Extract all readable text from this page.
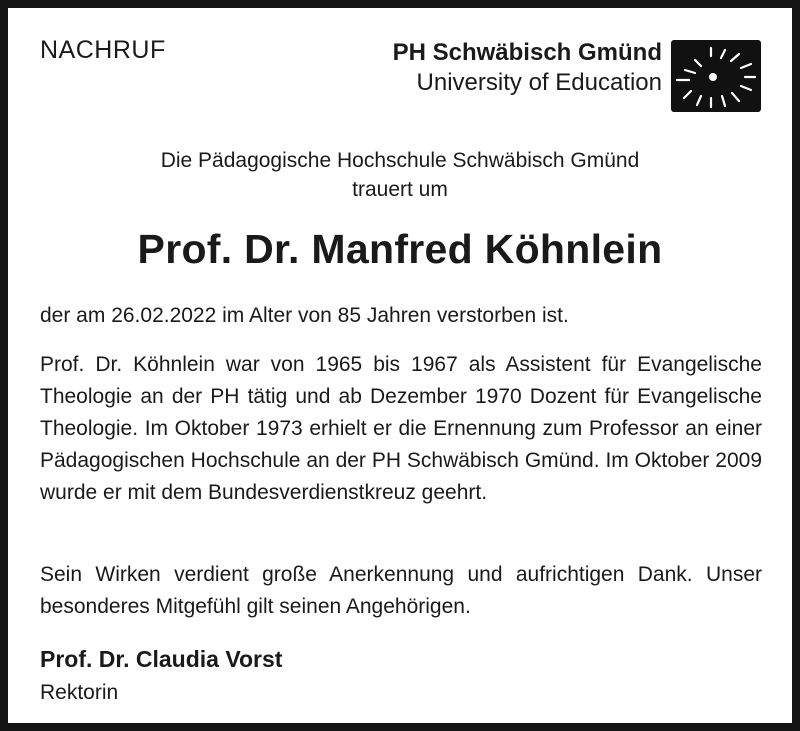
NACHRUF	PH Schwäbisch Gmünd
University of Education
Die Pädagogische Hochschule Schwäbisch Gmünd
trauert um
Prof. Dr. Manfred Köhnlein
der am 26.02.2022 im Alter von 85 Jahren verstorben ist.
Prof. Dr. Köhnlein war von 1965 bis 1967 als Assistent für Evangelische Theologie an der PH tätig und ab Dezember 1970 Dozent für Evangelische Theologie. Im Oktober 1973 erhielt er die Ernennung zum Professor an einer Pädagogischen Hochschule an der PH Schwäbisch Gmünd. Im Oktober 2009 wurde er mit dem Bundesverdienstkreuz geehrt.
Sein Wirken verdient große Anerkennung und aufrichtigen Dank. Unser besonderes Mitgefühl gilt seinen Angehörigen.
Prof. Dr. Claudia Vorst
Rektorin
